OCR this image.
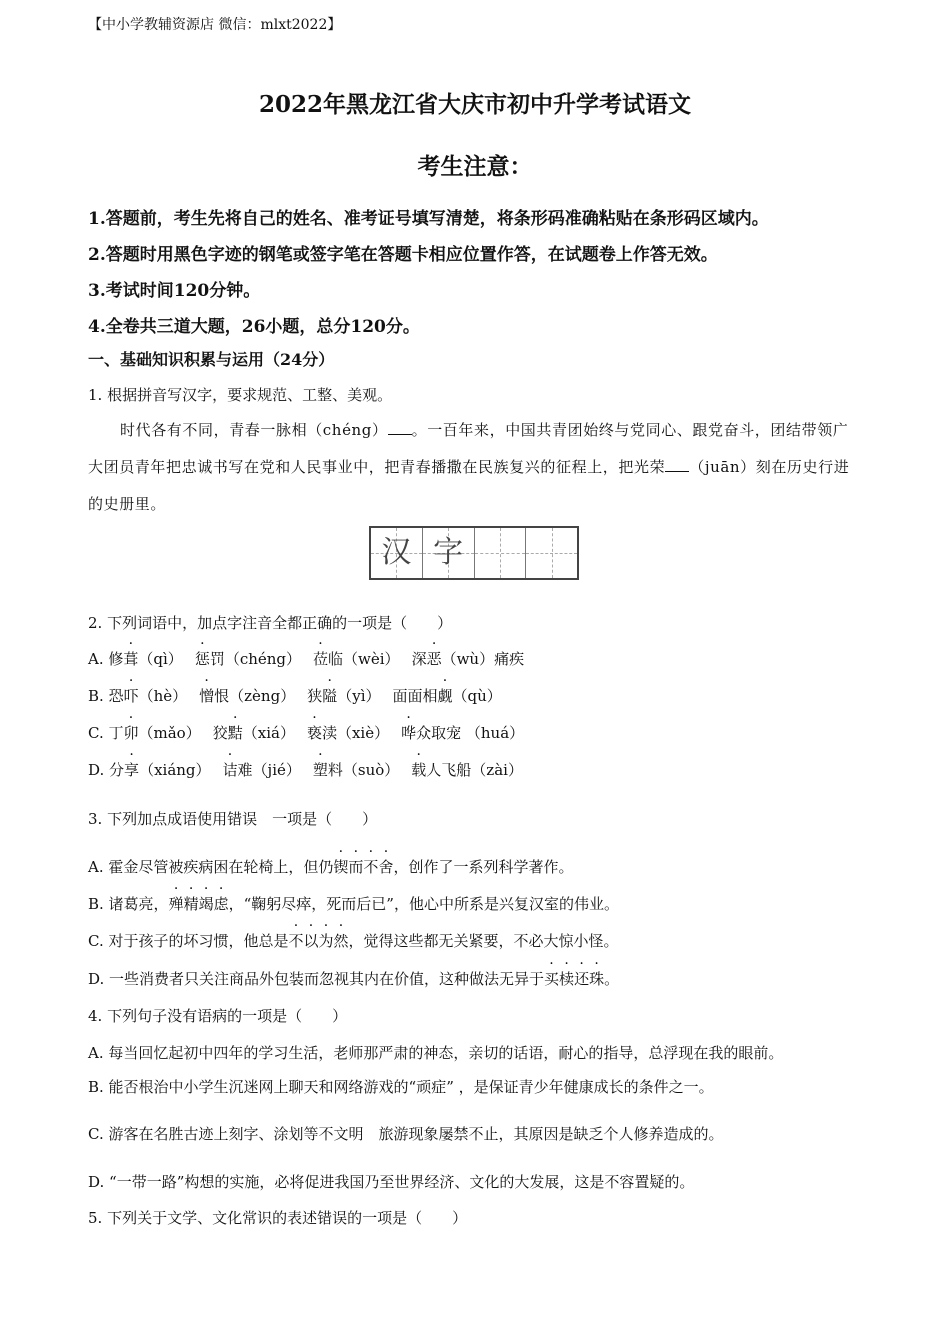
【中小学教辅资源店 微信：mlxt2022】
2022年黑龙江省大庆市初中升学考试语文
考生注意：
1.答题前，考生先将自己的姓名、准考证号填写清楚，将条形码准确粘贴在条形码区域内。
2.答题时用黑色字迹的钢笔或签字笔在答题卡相应位置作答，在试题卷上作答无效。
3.考试时间120分钟。
4.全卷共三道大题，26小题，总分120分。
一、基础知识积累与运用（24分）
1. 根据拼音写汉字，要求规范、工整、美观。

时代各有不同，青春一脉相（chéng） 。一百年来，中国共青团始终与党同心、跟党奋斗，团结带领广大团员青年把忠诚书写在党和人民事业中，把青春播撒在民族复兴的征程上，把光荣 （juān）刻在历史行进的史册里。

汉 字
2. 下列词语中，加点字注音全都正确的一项是（　　）
A. 修葺（qì） 惩罚（chéng） 莅临（wèi） 深恶（wù）痛疾
B. 恐吓（hè） 憎恨（zèng） 狭隘（yì） 面面相觑（qù）
C. 丁卯（mǎo） 狡黠（xiá） 亵渎（xiè） 哗众取宠 （huá）
D. 分享（xiáng） 诘难（jié） 塑料（suò） 载人飞船（zài）
3. 下列加点成语使用错误　一项是（　　）
A. 霍金尽管被疾病困在轮椅上，但仍锲而不舍，创作了一系列科学著作。
B. 诸葛亮，殚精竭虑，“鞠躬尽瘁，死而后已”，他心中所系是兴复汉室的伟业。
C. 对于孩子的坏习惯，他总是不以为然，觉得这些都无关紧要，不必大惊小怪。
D. 一些消费者只关注商品外包装而忽视其内在价值，这种做法无异于买椟还珠。
4. 下列句子没有语病的一项是（　　）
A. 每当回忆起初中四年的学习生活，老师那严肃的神态，亲切的话语，耐心的指导，总浮现在我的眼前。
B. 能否根治中小学生沉迷网上聊天和网络游戏的“顽症” ，是保证青少年健康成长的条件之一。
C. 游客在名胜古迹上刻字、涂划等不文明　旅游现象屡禁不止，其原因是缺乏个人修养造成的。
D. “一带一路”构想的实施，必将促进我国乃至世界经济、文化的大发展，这是不容置疑的。
5. 下列关于文学、文化常识的表述错误的一项是（　　）
